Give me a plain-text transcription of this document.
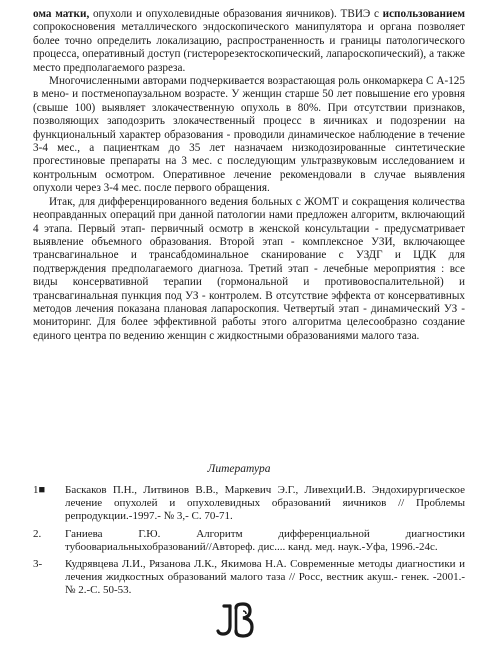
ома матки, опухоли и опухолевидные образования яичников). ТВИЭ с использованием сопрокосновения металлического эндоскопического манипулятора и органа позволяет более точно определить локализацию, распространенность и границы патологического процесса, оперативный доступ (гистерорезектоскопический, лапароскопический), а также место предполагаемого разреза.

Многочисленными авторами подчеркивается возрастающая роль онкомаркера С А-125 в мено- и постменопаузальном возрасте. У женщин старше 50 лет повышение его уровня (свыше 100) выявляет злокачественную опухоль в 80%. При отсутствии признаков, позволяющих заподозрить злокачественный процесс в яичниках и подозрении на функциональный характер образования - проводили динамическое наблюдение в течение 3-4 мес., а пациенткам до 35 лет назначаем низкодозированные синтетические прогестиновые препараты на 3 мес. с последующим ультразвуковым исследованием и контрольным осмотром. Оперативное лечение рекомендовали в случае выявления опухоли через 3-4 мес. после первого обращения.

Итак, для дифференцированного ведения больных с ЖОМТ и сокращения количества неоправданных операций при данной патологии нами предложен алгоритм, включающий 4 этапа. Первый этап- первичный осмотр в женской консультации - предусматривает выявление объемного образования. Второй этап - комплексное УЗИ, включающее трансвагинальное и трансабдоминальное сканирование с УЗДГ и ЦДК для подтверждения предполагаемого диагноза. Третий этап - лечебные мероприятия : все виды консервативной терапии (гормональной и противовоспалительной) и трансвагинальная пункция под УЗ - контролем. В отсутствие эффекта от консервативных методов лечения показана плановая лапароскопия. Четвертый этап - динамический УЗ - мониторинг. Для более эффективной работы этого алгоритма целесообразно создание единого центра по ведению женщин с жидкостными образованиями малого таза.

Литература
1■	Баскаков П.Н., Литвинов В.В., Маркевич Э.Г., ЛивехциИ.В. Эндохирургическое лечение опухолей и опухолевидных образований яичников // Проблемы репродукции.-1997.- № 3,- С. 70-71.
2.	Ганиева Г.Ю. Алгоритм дифференциальной диагностики тубоовариальныхобразований//Автореф. дис.... канд. мед. наук.-Уфа, 1996.-24с.
3-	Кудрявцева Л.И., Рязанова Л.К., Якимова Н.А. Современные методы диагностики и лечения жидкостных образований малого таза // Росс, вестник акуш.- генек. -2001.-№ 2.-С. 50-53.
